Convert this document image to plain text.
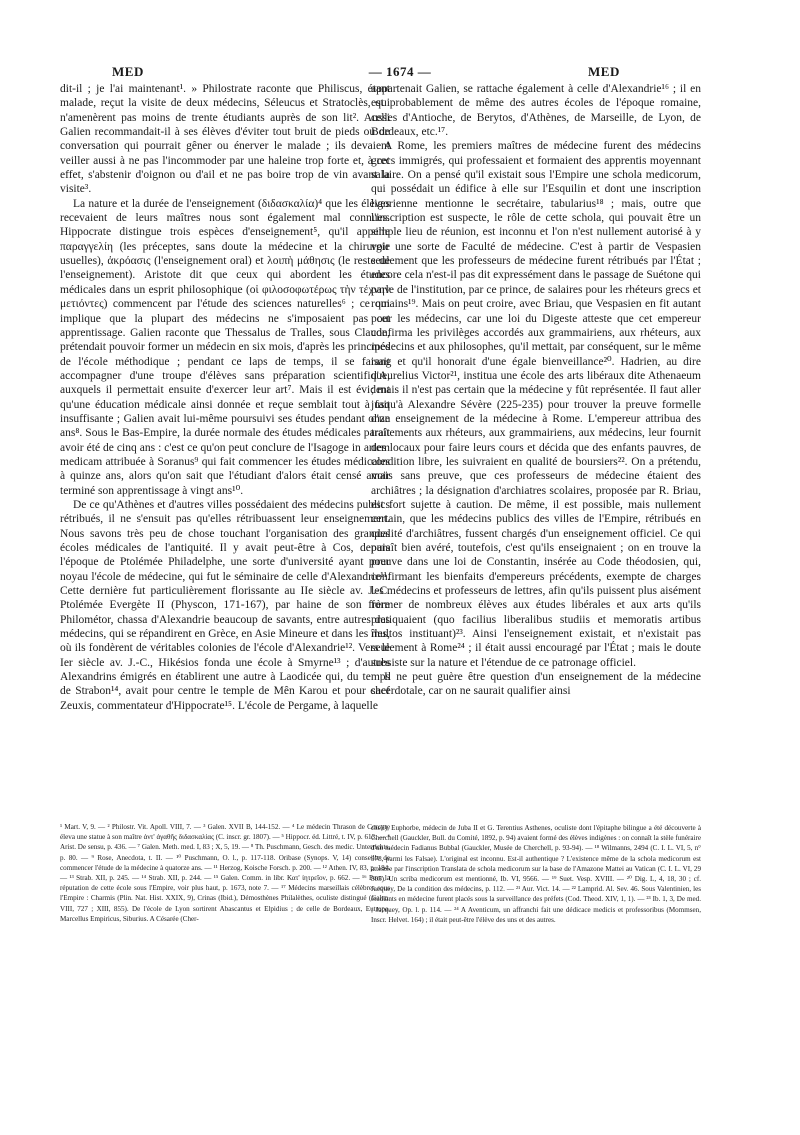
MED	— 1674 —	MED

dit-il ; je l'ai maintenant¹. » Philostrate raconte que Philiscus, étant malade, reçut la visite de deux médecins, Séleucus et Stratoclès, qui n'amenèrent pas moins de trente étudiants auprès de son lit². Aussi Galien recommandait-il à ses élèves d'éviter tout bruit de pieds ou de conversation qui pourrait gêner ou énerver le malade ; ils devaient veiller aussi à ne pas l'incommoder par une haleine trop forte et, à cet effet, s'abstenir d'oignon ou d'ail et ne pas boire trop de vin avant la visite³.

La nature et la durée de l'enseignement (διδασκαλία)⁴ que les élèves recevaient de leurs maîtres nous sont également mal connues. Hippocrate distingue trois espèces d'enseignement⁵, qu'il appelle παραγγελίη (les préceptes, sans doute la médecine et la chirurgie usuelles), ἀκρόασις (l'enseignement oral) et λοιπὴ μάθησις (le reste de l'enseignement). Aristote dit que ceux qui abordent les études médicales dans un esprit philosophique (οἱ φιλοσοφωτέρως τὴν τέχνην μετιόντες) commencent par l'étude des sciences naturelles⁶ ; ce qui implique que la plupart des médecins ne s'imposaient pas cet apprentissage. Galien raconte que Thessalus de Tralles, sous Claude, prétendait pouvoir former un médecin en six mois, d'après les principes de l'école méthodique ; pendant ce laps de temps, il se faisait accompagner d'une troupe d'élèves sans préparation scientifique, auxquels il permettait ensuite d'exercer leur art⁷. Mais il est évident qu'une éducation médicale ainsi donnée et reçue semblait tout à fait insuffisante ; Galien avait lui-même poursuivi ses études pendant onze ans⁸. Sous le Bas-Empire, la durée normale des études médicales paraît avoir été de cinq ans : c'est ce qu'on peut conclure de l'Isagoge in artem medicam attribuée à Soranus⁹ qui fait commencer les études médicales à quinze ans, alors qu'on sait que l'étudiant d'alors était censé avoir terminé son apprentissage à vingt ans¹⁰.

De ce qu'Athènes et d'autres villes possédaient des médecins publics rétribués, il ne s'ensuit pas qu'elles rétribuassent leur enseignement. Nous savons très peu de chose touchant l'organisation des grandes écoles médicales de l'antiquité. Il y avait peut-être à Cos, depuis l'époque de Ptolémée Philadelphe, une sorte d'université ayant pour noyau l'école de médecine, qui fut le séminaire de celle d'Alexandrie¹¹. Cette dernière fut particulièrement florissante au IIe siècle av. J.-C. Ptolémée Evergète II (Physcon, 171-167), par haine de son frère Philométor, chassa d'Alexandrie beaucoup de savants, entre autres des médecins, qui se répandirent en Grèce, en Asie Mineure et dans les îles, où ils fondèrent de véritables colonies de l'école d'Alexandrie¹². Vers le Ier siècle av. J.-C., Hikésios fonda une école à Smyrne¹³ ; d'autres Alexandrins émigrés en établirent une autre à Laodicée qui, du temps de Strabon¹⁴, avait pour centre le temple de Mên Karou et pour chef Zeuxis, commentateur d'Hippocrate¹⁵. L'école de Pergame, à laquelle

appartenait Galien, se rattache également à celle d'Alexandrie¹⁶ ; il en est probablement de même des autres écoles de l'époque romaine, celles d'Antioche, de Berytos, d'Athènes, de Marseille, de Lyon, de Bordeaux, etc.¹⁷.

A Rome, les premiers maîtres de médecine furent des médecins grecs immigrés, qui professaient et formaient des apprentis moyennant salaire. On a pensé qu'il existait sous l'Empire une schola medicorum, qui possédait un édifice à elle sur l'Esquilin et dont une inscription ligorienne mentionne le secrétaire, tabularius¹⁸ ; mais, outre que l'inscription est suspecte, le rôle de cette schola, qui pouvait être un simple lieu de réunion, est inconnu et l'on n'est nullement autorisé à y voir une sorte de Faculté de médecine. C'est à partir de Vespasien seulement que les professeurs de médecine furent rétribués par l'État ; encore cela n'est-il pas dit expressément dans le passage de Suétone qui parle de l'institution, par ce prince, de salaires pour les rhéteurs grecs et romains¹⁹. Mais on peut croire, avec Briau, que Vespasien en fit autant pour les médecins, car une loi du Digeste atteste que cet empereur confirma les privilèges accordés aux grammairiens, aux rhéteurs, aux médecins et aux philosophes, qu'il mettait, par conséquent, sur le même rang et qu'il honorait d'une égale bienveillance²⁰. Hadrien, au dire d'Aurelius Victor²¹, institua une école des arts libéraux dite Athenaeum ; mais il n'est pas certain que la médecine y fût représentée. Il faut aller jusqu'à Alexandre Sévère (225-235) pour trouver la preuve formelle d'un enseignement de la médecine à Rome. L'empereur attribua des traitements aux rhéteurs, aux grammairiens, aux médecins, leur fournit des locaux pour faire leurs cours et décida que des enfants pauvres, de condition libre, les suivraient en qualité de boursiers²². On a prétendu, mais sans preuve, que ces professeurs de médecine étaient des archiâtres ; la désignation d'archiatres scolaires, proposée par R. Briau, est fort sujette à caution. De même, il est possible, mais nullement certain, que les médecins publics des villes de l'Empire, rétribués en qualité d'archiâtres, fussent chargés d'un enseignement officiel. Ce qui paraît bien avéré, toutefois, c'est qu'ils enseignaient ; on en trouve la preuve dans une loi de Constantin, insérée au Code théodosien, qui, confirmant les bienfaits d'empereurs précédents, exempte de charges les médecins et professeurs de lettres, afin qu'ils puissent plus aisément former de nombreux élèves aux études libérales et aux arts qu'ils pratiquaient (quo facilius liberalibus studiis et memoratis artibus multos instituant)²³. Ainsi l'enseignement existait, et n'existait pas seulement à Rome²⁴ ; il était aussi encouragé par l'État ; mais le doute subsiste sur la nature et l'étendue de ce patronage officiel.

Il ne peut guère être question d'un enseignement de la médecine sacerdotale, car on ne saurait qualifier ainsi

¹ Mart. V, 9. — ² Philostr. Vit. Apoll. VIII, 7. — ³ Galen. XVII B, 144-152. — ⁴ Le médecin Thrason de Corcyre éleva une statue à son maître ἀντ' ἀγαθῆς διδασκαλίας (C. inscr. gr. 1807). — ⁵ Hippocr. éd. Littré, t. IV, p. 613. — ⁶ Arist. De sensu, p. 436. — ⁷ Galen. Meth. med. I, 83 ; X, 5, 19. — ⁸ Th. Puschmann, Gesch. des medic. Unterrichts, p. 80. — ⁹ Rose, Anecdota, t. II. — ¹⁰ Puschmann, O. l., p. 117-118. Oribase (Synops. V, 14) conseille de commencer l'étude de la médecine à quatorze ans. — ¹¹ Herzog, Koische Forsch. p. 200. — ¹² Athen. IV, 83, p. 184. — ¹³ Strab. XII, p. 245. — ¹⁴ Strab. XII, p. 244. — ¹⁵ Galen. Comm. in libr. Κατ' ἰητρεῖον, p. 662. — ¹⁶ Pour la réputation de cette école sous l'Empire, voir plus haut, p. 1673, note 7. — ¹⁷ Médecins marseillais célèbres sous l'Empire : Charmis (Plin. Nat. Hist. XXIX, 9), Crinas (Ibid.), Démosthènes Philalèthes, oculiste distingué (Galen. VIII, 727 ; XIII, 855). De l'école de Lyon sortirent Abascantus et Elpidius ; de celle de Bordeaux, Eutrope, Marcellus Empiricus, Siburius. A Césarée (Cher-
chell), Euphorbe, médecin de Juba II et G. Terentius Asthenes, oculiste dont l'épitaphe bilingue a été découverte à Cherchell (Gauckler, Bull. du Comité, 1892, p. 94) avaient formé des élèves indigènes : on connaît la stèle funéraire d'un médecin Fadianus Bubbal (Gauckler, Musée de Cherchell, p. 93-94). — ¹⁸ Wilmanns, 2494 (C. I. L. VI, 5, n° 978, parmi les Falsae). L'original est inconnu. Est-il authentique ? L'existence même de la schola medicorum est attestée par l'inscription Translata de schola medicorum sur la base de l'Amazone Mattei au Vatican (C. I. L. VI, 29 805). Un scriba medicorum est mentionné, Ib. VI, 9566. — ¹⁹ Suet. Vesp. XVIII. — ²⁰ Dig. L, 4, 18, 30 ; cf. Jacquey, De la condition des médecins, p. 112. — ²¹ Aur. Vict. 14. — ²² Lamprid. Al. Sev. 46. Sous Valentinien, les étudiants en médecine furent placés sous la surveillance des préfets (Cod. Theod. XIV, 1, 1). — ²³ Ib. 1, 3, De med. ; Jacquey, Op. l. p. 114. — ²⁴ A Aventicum, un affranchi fait une dédicace medicis et professoribus (Mommsen, Inscr. Helvet. 164) ; il était peut-être l'élève des uns et des autres.
